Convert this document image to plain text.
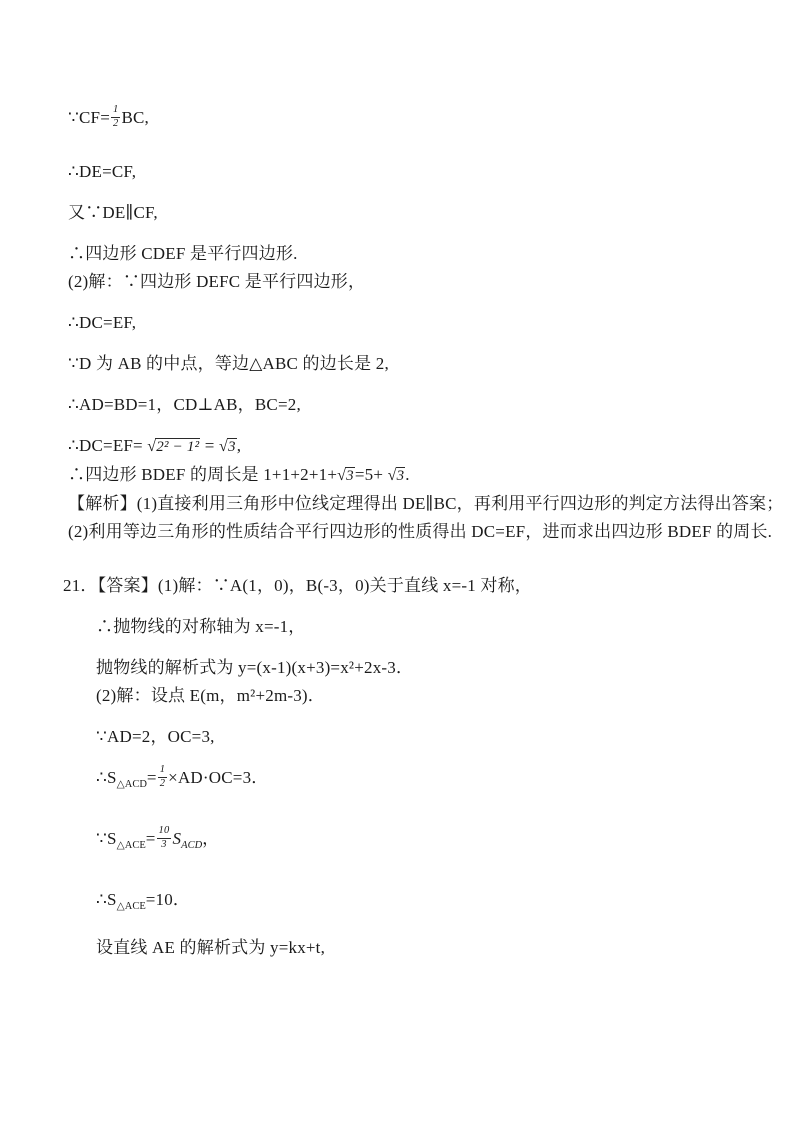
∵CF= $\frac{1}{2}$ BC,
∴DE=CF,
又∵DE∥CF,
∴四边形 CDEF 是平行四边形.
(2)解：∵四边形 DEFC 是平行四边形，
∴DC=EF,
∵D 为 AB 的中点，等边△ABC 的边长是 2,
∴AD=BD=1，CD⊥AB，BC=2,
∴DC=EF= √2² − 1² = √3,
∴四边形 BDEF 的周长是 1+1+2+1+√3=5+ √3.
【解析】(1)直接利用三角形中位线定理得出 DE∥BC，再利用平行四边形的判定方法得出答案；
(2)利用等边三角形的性质结合平行四边形的性质得出 DC=EF，进而求出四边形 BDEF 的周长.
21．【答案】(1)解：∵A(1，0)，B(-3，0)关于直线 x=-1 对称，
∴抛物线的对称轴为 x=-1，
抛物线的解析式为 y=(x-1)(x+3)=x²+2x-3．
(2)解：设点 E(m，m²+2m-3)．
∵AD=2，OC=3,
$\therefore S_{\triangle ACD}= \frac{1}{2} \times AD\cdot OC=3$．
$\because S_{\triangle ACE}= \frac{10}{3} S_{ACD}$，
$\therefore S_{\triangle ACE}=10$．
设直线 AE 的解析式为 y=kx+t,
